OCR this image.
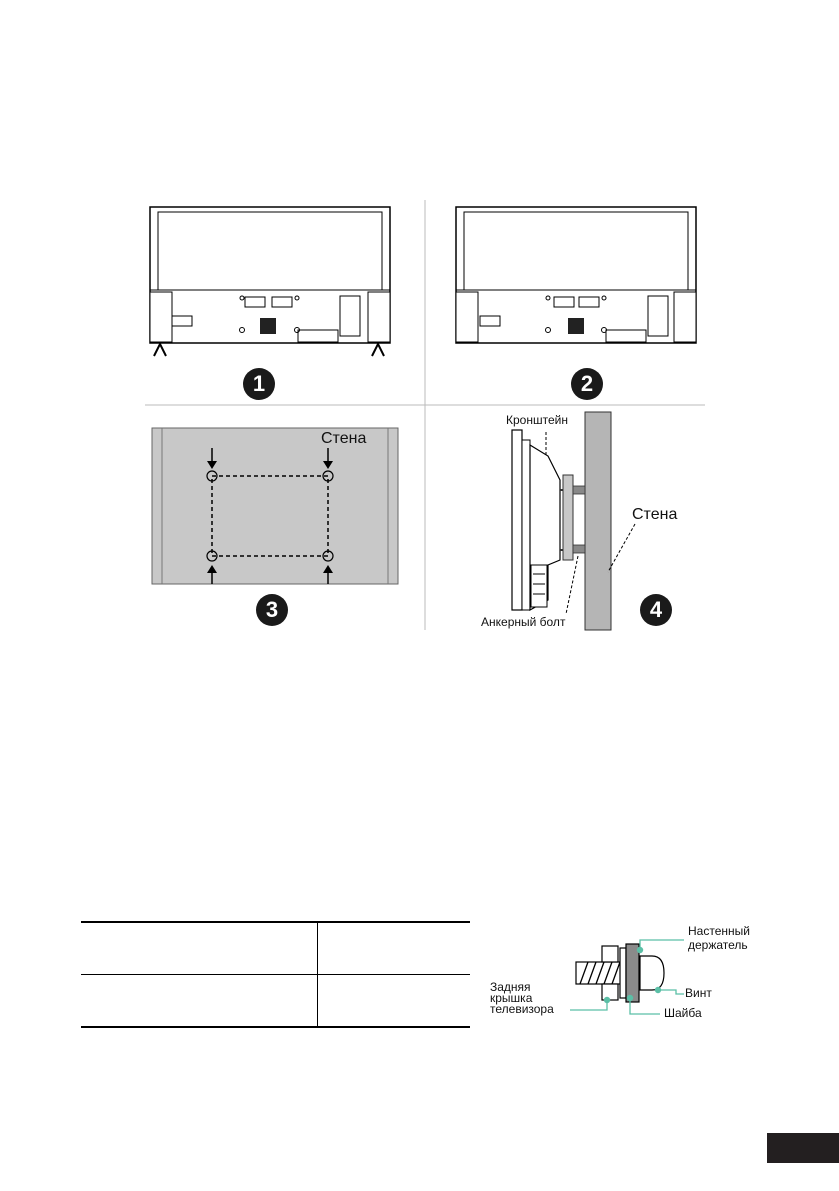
1	2
3	4
Стена
Кронштейн
Стена
Анкерный болт

Настенный
держатель
Винт
Шайба
Задняя
крышка
телевизора
